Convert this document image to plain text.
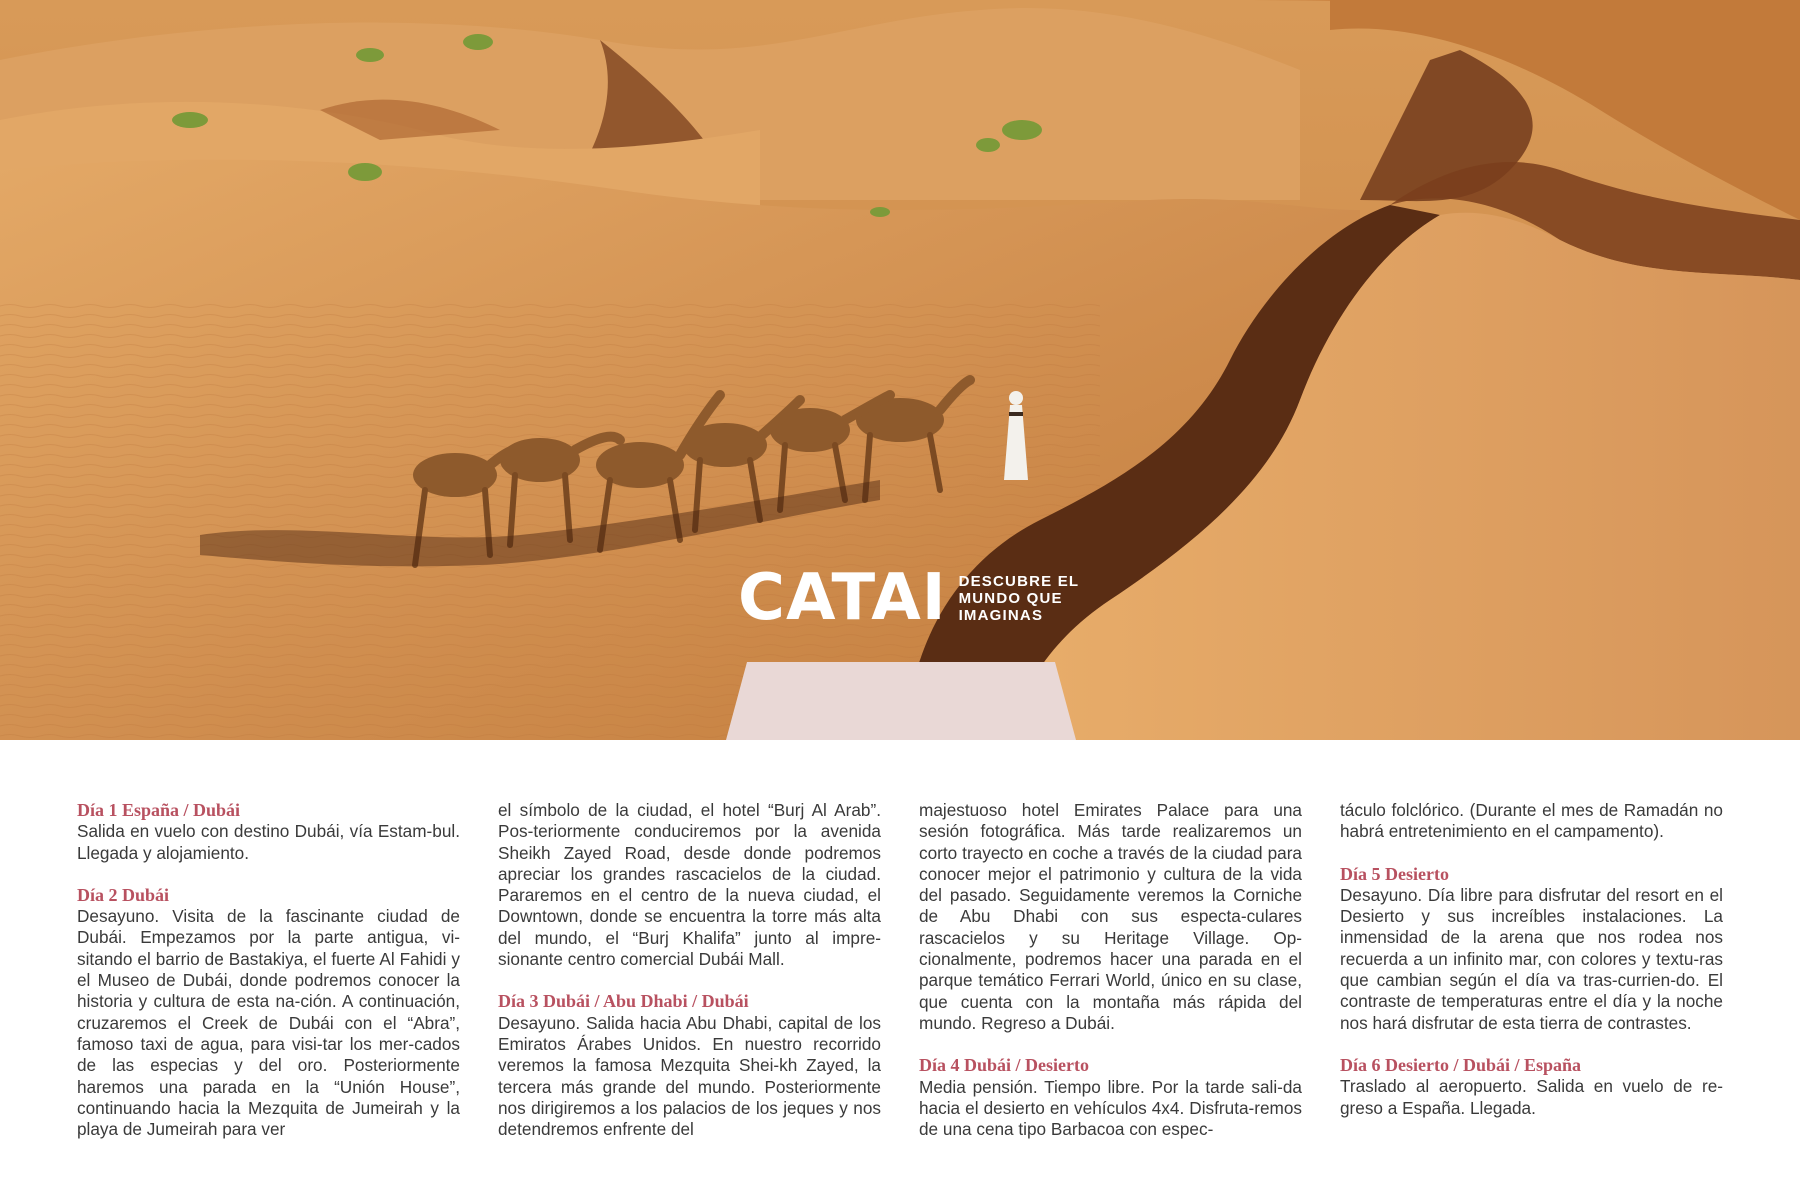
CATAI DESCUBRE EL
MUNDO QUE
IMAGINAS

Día 1 España / Dubái

Salida en vuelo con destino Dubái, vía Estam-bul. Llegada y alojamiento.

Día 2 Dubái

Desayuno. Visita de la fascinante ciudad de Dubái. Empezamos por la parte antigua, vi-sitando el barrio de Bastakiya, el fuerte Al Fahidi y el Museo de Dubái, donde podremos conocer la historia y cultura de esta na-ción. A continuación, cruzaremos el Creek de Dubái con el “Abra”, famoso taxi de agua, para visi-tar los mer-cados de las especias y del oro. Posteriormente haremos una parada en la “Unión House”, continuando hacia la Mezquita de Jumeirah y la playa de Jumeirah para ver

el símbolo de la ciudad, el hotel “Burj Al Arab”. Pos-teriormente conduciremos por la avenida Sheikh Zayed Road, desde donde podremos apreciar los grandes rascacielos de la ciudad. Pararemos en el centro de la nueva ciudad, el Downtown, donde se encuentra la torre más alta del mundo, el “Burj Khalifa” junto al impre-sionante centro comercial Dubái Mall.

Día 3 Dubái / Abu Dhabi / Dubái

Desayuno. Salida hacia Abu Dhabi, capital de los Emiratos Árabes Unidos. En nuestro recorrido veremos la famosa Mezquita Shei-kh Zayed, la tercera más grande del mundo. Posteriormente nos dirigiremos a los palacios de los jeques y nos detendremos enfrente del

majestuoso hotel Emirates Palace para una sesión fotográfica. Más tarde realizaremos un corto trayecto en coche a través de la ciudad para conocer mejor el patrimonio y cultura de la vida del pasado. Seguidamente veremos la Corniche de Abu Dhabi con sus especta-culares rascacielos y su Heritage Village. Op-cionalmente, podremos hacer una parada en el parque temático Ferrari World, único en su clase, que cuenta con la montaña más rápida del mundo. Regreso a Dubái.

Día 4 Dubái / Desierto

Media pensión. Tiempo libre. Por la tarde sali-da hacia el desierto en vehículos 4x4. Disfruta-remos de una cena tipo Barbacoa con espec-

táculo folclórico. (Durante el mes de Ramadán no habrá entretenimiento en el campamento).

Día 5 Desierto

Desayuno. Día libre para disfrutar del resort en el Desierto y sus increíbles instalaciones. La inmensidad de la arena que nos rodea nos recuerda a un infinito mar, con colores y textu-ras que cambian según el día va tras-currien-do. El contraste de temperaturas entre el día y la noche nos hará disfrutar de esta tierra de contrastes.

Día 6 Desierto / Dubái / España

Traslado al aeropuerto. Salida en vuelo de re-greso a España. Llegada.
